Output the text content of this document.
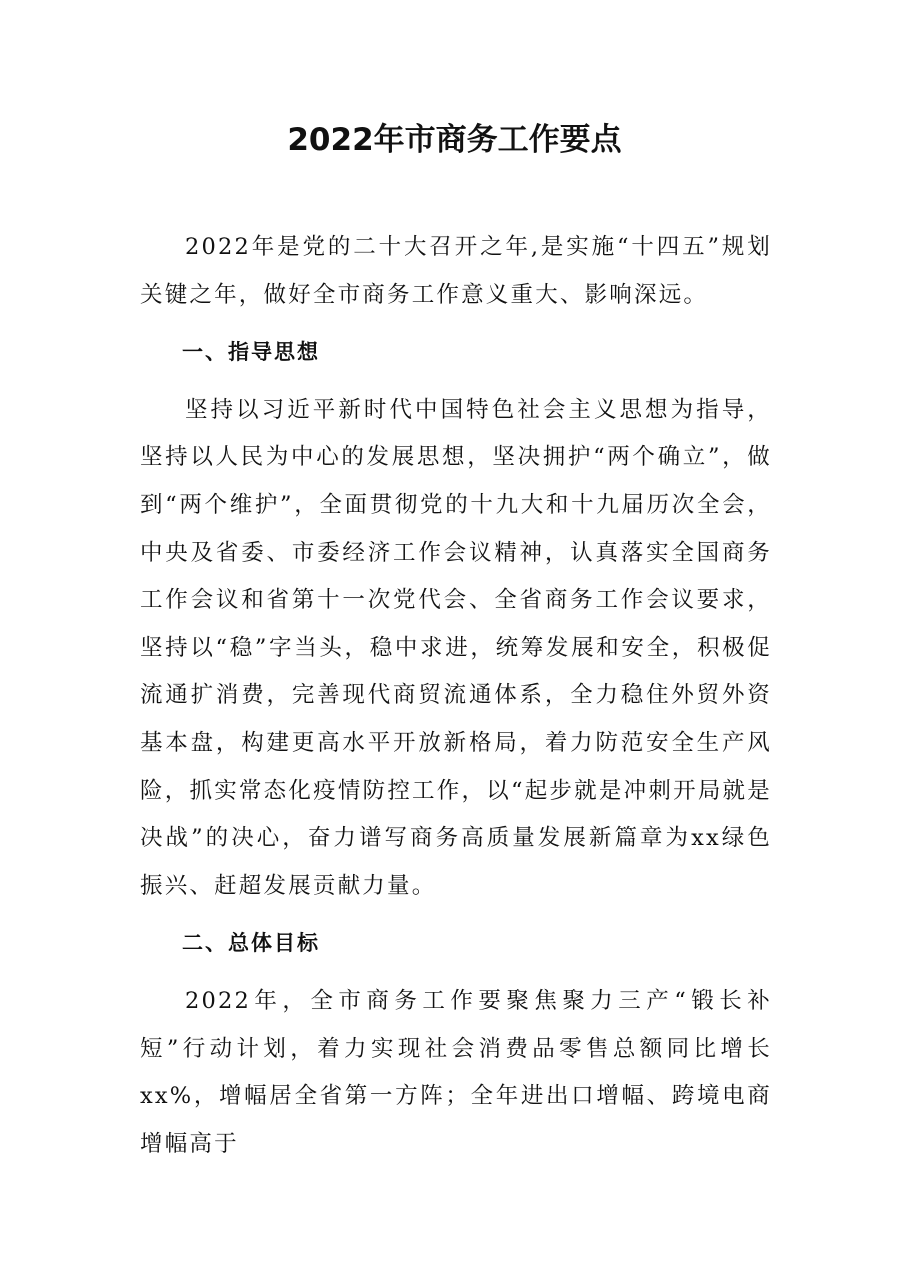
2022年市商务工作要点

2022年是党的二十大召开之年,是实施“十四五”规划关键之年，做好全市商务工作意义重大、影响深远。

一、指导思想

坚持以习近平新时代中国特色社会主义思想为指导，坚持以人民为中心的发展思想，坚决拥护“两个确立”，做到“两个维护”，全面贯彻党的十九大和十九届历次全会，中央及省委、市委经济工作会议精神，认真落实全国商务工作会议和省第十一次党代会、全省商务工作会议要求，坚持以“稳”字当头，稳中求进，统筹发展和安全，积极促流通扩消费，完善现代商贸流通体系，全力稳住外贸外资基本盘，构建更高水平开放新格局，着力防范安全生产风险，抓实常态化疫情防控工作，以“起步就是冲刺开局就是决战”的决心，奋力谱写商务高质量发展新篇章为xx绿色振兴、赶超发展贡献力量。

二、总体目标

2022年，全市商务工作要聚焦聚力三产“锻长补短”行动计划，着力实现社会消费品零售总额同比增长xx%，增幅居全省第一方阵；全年进出口增幅、跨境电商增幅高于
